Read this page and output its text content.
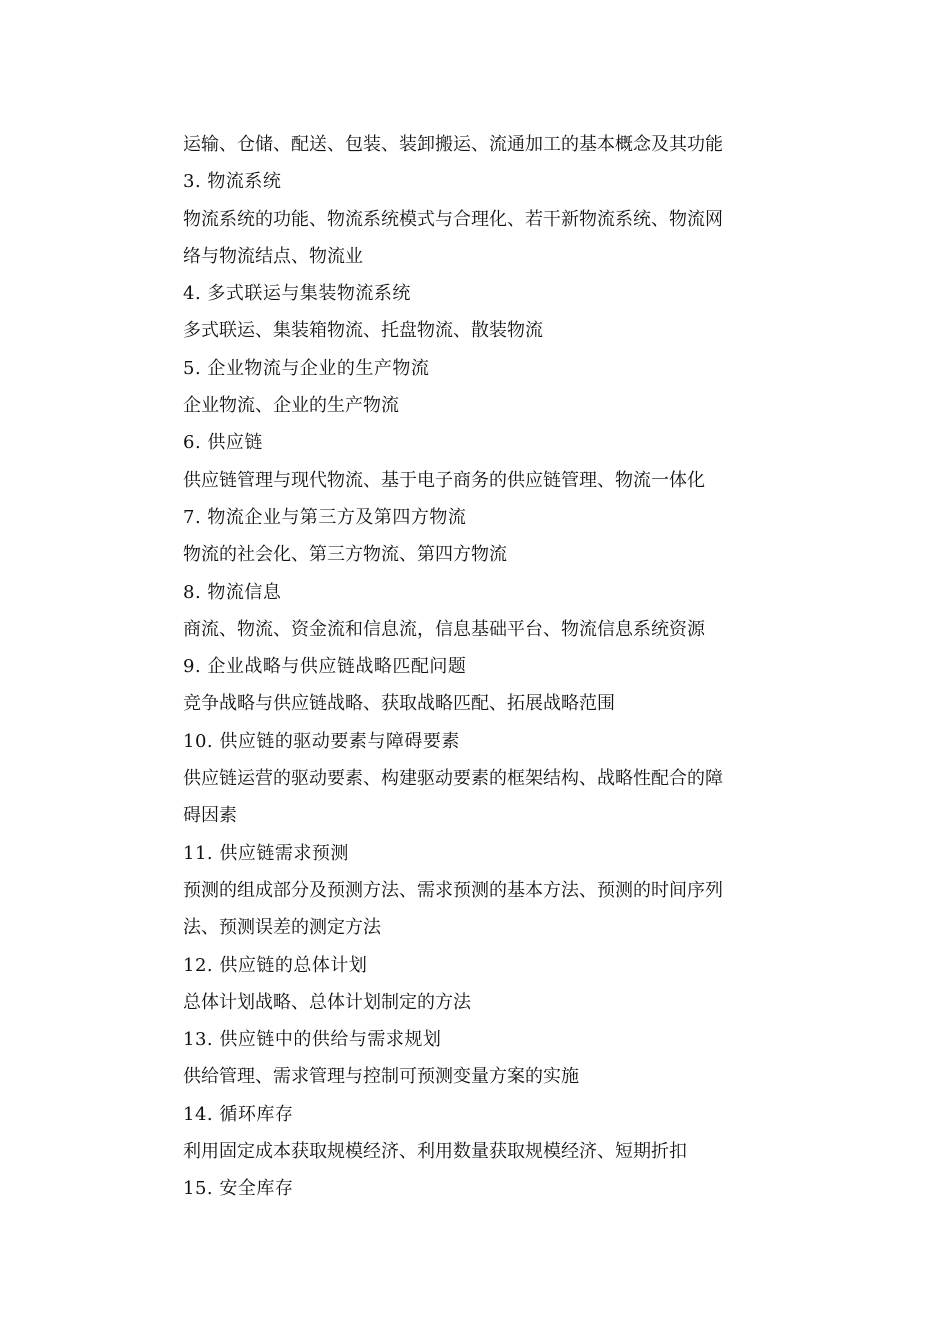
运输、仓储、配送、包装、装卸搬运、流通加工的基本概念及其功能

3. 物流系统

物流系统的功能、物流系统模式与合理化、若干新物流系统、物流网

络与物流结点、物流业

4. 多式联运与集装物流系统

多式联运、集装箱物流、托盘物流、散装物流

5. 企业物流与企业的生产物流

企业物流、企业的生产物流

6. 供应链

供应链管理与现代物流、基于电子商务的供应链管理、物流一体化

7. 物流企业与第三方及第四方物流

物流的社会化、第三方物流、第四方物流

8. 物流信息

商流、物流、资金流和信息流，信息基础平台、物流信息系统资源

9. 企业战略与供应链战略匹配问题

竞争战略与供应链战略、获取战略匹配、拓展战略范围

10. 供应链的驱动要素与障碍要素

供应链运营的驱动要素、构建驱动要素的框架结构、战略性配合的障

碍因素

11. 供应链需求预测

预测的组成部分及预测方法、需求预测的基本方法、预测的时间序列

法、预测误差的测定方法

12. 供应链的总体计划

总体计划战略、总体计划制定的方法

13. 供应链中的供给与需求规划

供给管理、需求管理与控制可预测变量方案的实施

14. 循环库存

利用固定成本获取规模经济、利用数量获取规模经济、短期折扣

15. 安全库存
